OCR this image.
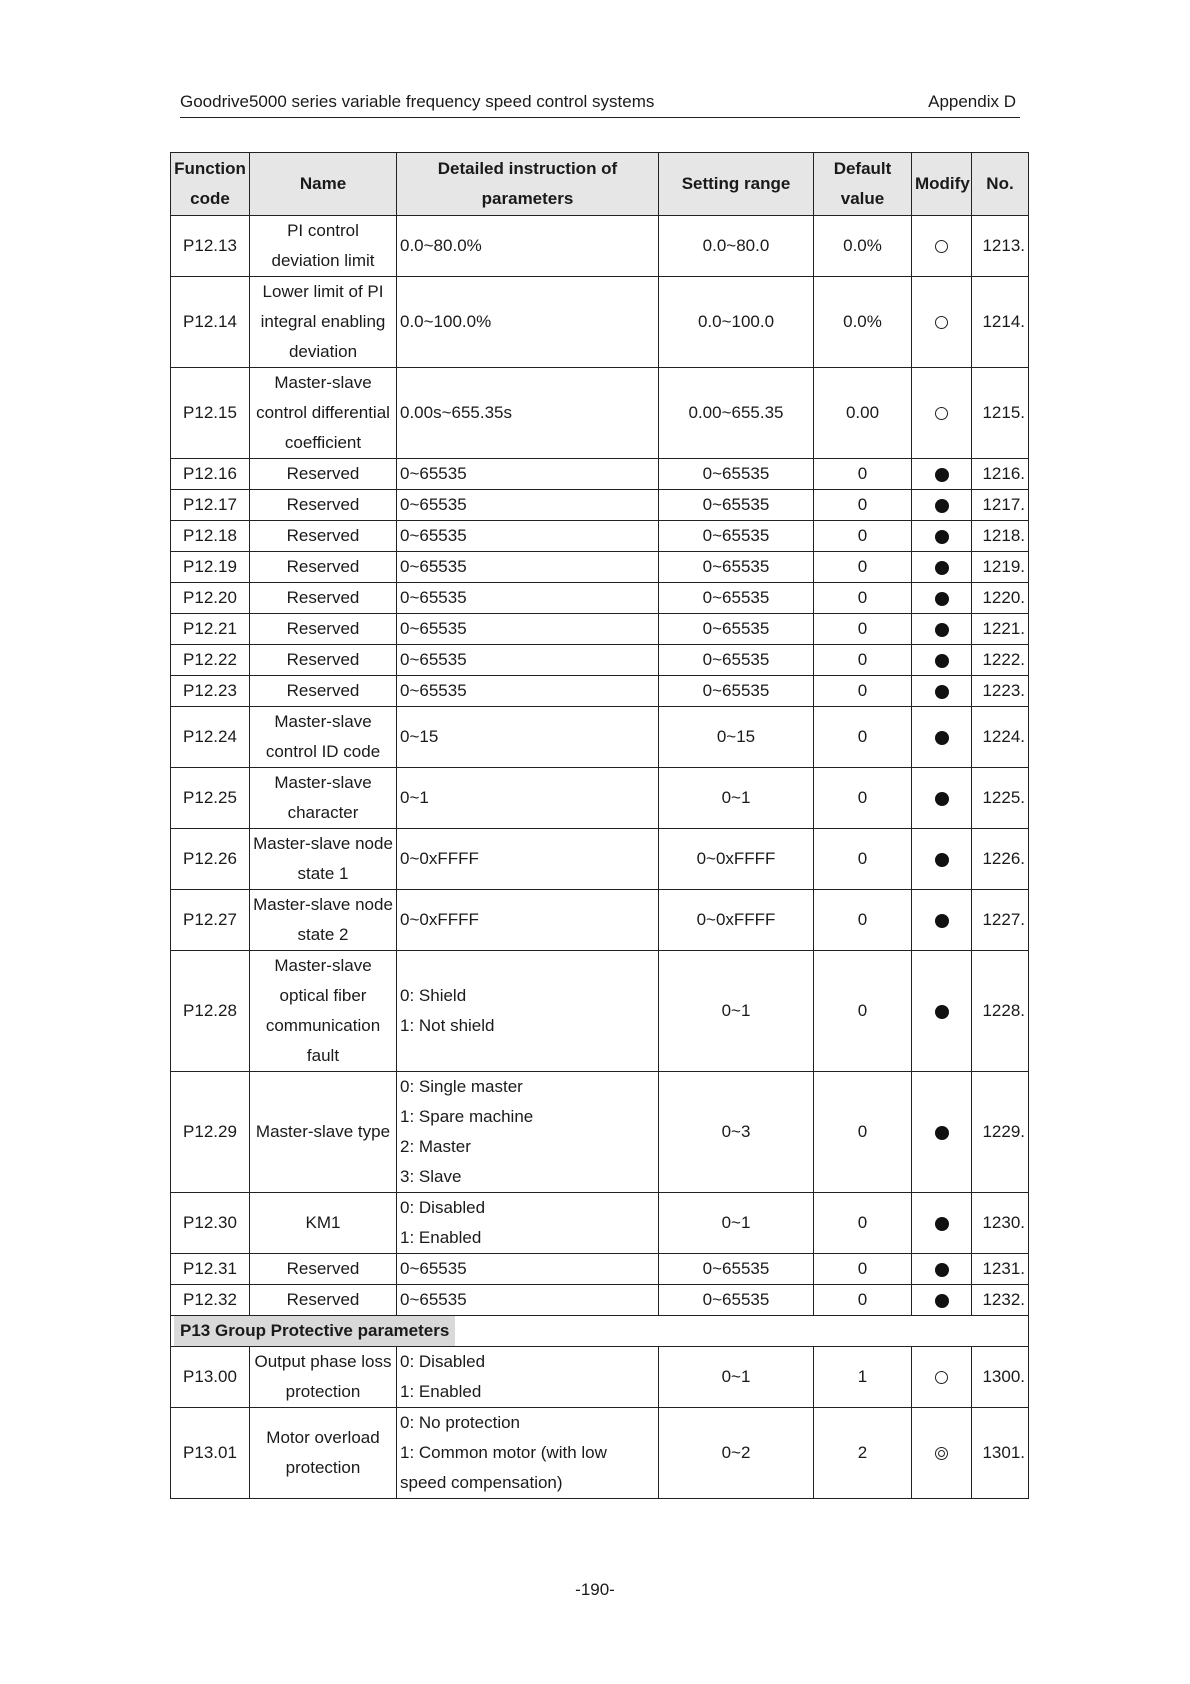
Goodrive5000 series variable frequency speed control systems	Appendix D
Function code	Name	Detailed instruction of parameters	Setting range	Default value	Modify	No.
P12.13	PI control deviation limit	0.0~80.0%	0.0~80.0	0.0%		1213.
P12.14	Lower limit of PI integral enabling deviation	0.0~100.0%	0.0~100.0	0.0%		1214.
P12.15	Master-slave control differential coefficient	0.00s~655.35s	0.00~655.35	0.00		1215.
P12.16	Reserved	0~65535	0~65535	0		1216.
P12.17	Reserved	0~65535	0~65535	0		1217.
P12.18	Reserved	0~65535	0~65535	0		1218.
P12.19	Reserved	0~65535	0~65535	0		1219.
P12.20	Reserved	0~65535	0~65535	0		1220.
P12.21	Reserved	0~65535	0~65535	0		1221.
P12.22	Reserved	0~65535	0~65535	0		1222.
P12.23	Reserved	0~65535	0~65535	0		1223.
P12.24	Master-slave control ID code	0~15	0~15	0		1224.
P12.25	Master-slave character	0~1	0~1	0		1225.
P12.26	Master-slave node state 1	0~0xFFFF	0~0xFFFF	0		1226.
P12.27	Master-slave node state 2	0~0xFFFF	0~0xFFFF	0		1227.
P12.28	Master-slave optical fiber communication fault	0: Shield
1: Not shield	0~1	0		1228.
P12.29	Master-slave type	0: Single master
1: Spare machine
2: Master
3: Slave	0~3	0		1229.
P12.30	KM1	0: Disabled
1: Enabled	0~1	0		1230.
P12.31	Reserved	0~65535	0~65535	0		1231.
P12.32	Reserved	0~65535	0~65535	0		1232.
P13 Group Protective parameters						
P13.00	Output phase loss protection	0: Disabled
1: Enabled	0~1	1		1300.
P13.01	Motor overload protection	0: No protection
1: Common motor (with low speed compensation)	0~2	2		1301.
-190-
